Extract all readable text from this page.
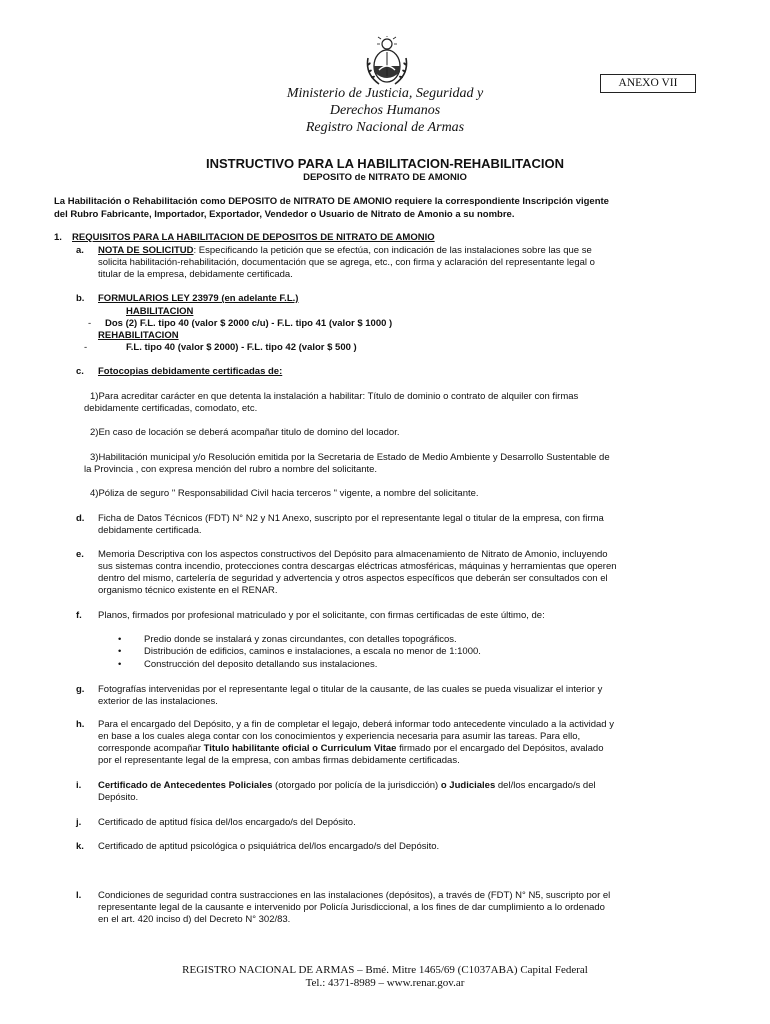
ANEXO VII
Ministerio de Justicia, Seguridad y
Derechos Humanos
Registro Nacional de Armas
INSTRUCTIVO PARA LA HABILITACION-REHABILITACION
DEPOSITO de NITRATO DE AMONIO
La Habilitación o Rehabilitación como DEPOSITO de NITRATO DE AMONIO requiere la correspondiente Inscripción vigente
del Rubro Fabricante, Importador, Exportador, Vendedor o Usuario de Nitrato de Amonio a su nombre.
1. REQUISITOS PARA LA HABILITACION DE DEPOSITOS DE NITRATO DE AMONIO
a. NOTA DE SOLICITUD: Especificando la petición que se efectúa, con indicación de las instalaciones sobre las que se
solicita habilitación-rehabilitación, documentación que se agrega, etc., con firma y aclaración del representante legal o
titular de la empresa, debidamente certificada.
b. FORMULARIOS LEY 23979 (en adelante F.L.)
HABILITACION
- Dos (2) F.L. tipo 40 (valor $ 2000 c/u) - F.L. tipo 41 (valor $ 1000 )
REHABILITACION
-	F.L. tipo 40 (valor $ 2000) - F.L. tipo 42 (valor $ 500 )
c. Fotocopias debidamente certificadas de:
1)Para acreditar carácter en que detenta la instalación a habilitar: Título de dominio o contrato de alquiler con firmas
debidamente certificadas, comodato, etc.
2)En caso de locación se deberá acompañar titulo de domino del locador.
3)Habilitación municipal y/o Resolución emitida por la Secretaria de Estado de Medio Ambiente y Desarrollo Sustentable de
la Provincia , con expresa mención del rubro a nombre del solicitante.
4)Póliza de seguro " Responsabilidad Civil hacia terceros " vigente, a nombre del solicitante.
d. Ficha de Datos Técnicos (FDT) N° N2 y N1 Anexo, suscripto por el representante legal o titular de la empresa, con firma
debidamente certificada.
e. Memoria Descriptiva con los aspectos constructivos del Depósito para almacenamiento de Nitrato de Amonio, incluyendo
sus sistemas contra incendio, protecciones contra descargas eléctricas atmosféricas, máquinas y herramientas que operen
dentro del mismo, cartelería de seguridad y advertencia y otros aspectos específicos que deberán ser consultados con el
organismo técnico existente en el RENAR.
f. Planos, firmados por profesional matriculado y por el solicitante, con firmas certificadas de este último, de:
• Predio donde se instalará y zonas circundantes, con detalles topográficos.
• Distribución de edificios, caminos e instalaciones, a escala no menor de 1:1000.
• Construcción del deposito detallando sus instalaciones.
g. Fotografías intervenidas por el representante legal o titular de la causante, de las cuales se pueda visualizar el interior y
exterior de las instalaciones.
h. Para el encargado del Depósito, y a fin de completar el legajo, deberá informar todo antecedente vinculado a la actividad y
en base a los cuales alega contar con los conocimientos y experiencia necesaria para asumir las tareas. Para ello,
corresponde acompañar Titulo habilitante oficial o Curriculum Vitae firmado por el encargado del Depósitos, avalado
por el representante legal de la empresa, con ambas firmas debidamente certificadas.
i. Certificado de Antecedentes Policiales (otorgado por policía de la jurisdicción) o Judiciales del/los encargado/s del
Depósito.
j. Certificado de aptitud física del/los encargado/s del Depósito.
k. Certificado de aptitud psicológica o psiquiátrica del/los encargado/s del Depósito.
l. Condiciones de seguridad contra sustracciones en las instalaciones (depósitos), a través de (FDT) N° N5, suscripto por el
representante legal de la causante e intervenido por Policía Jurisdiccional, a los fines de dar cumplimiento a lo ordenado
en el art. 420 inciso d) del Decreto N° 302/83.
REGISTRO NACIONAL DE ARMAS – Bmé. Mitre 1465/69 (C1037ABA) Capital Federal
Tel.: 4371-8989 – www.renar.gov.ar
